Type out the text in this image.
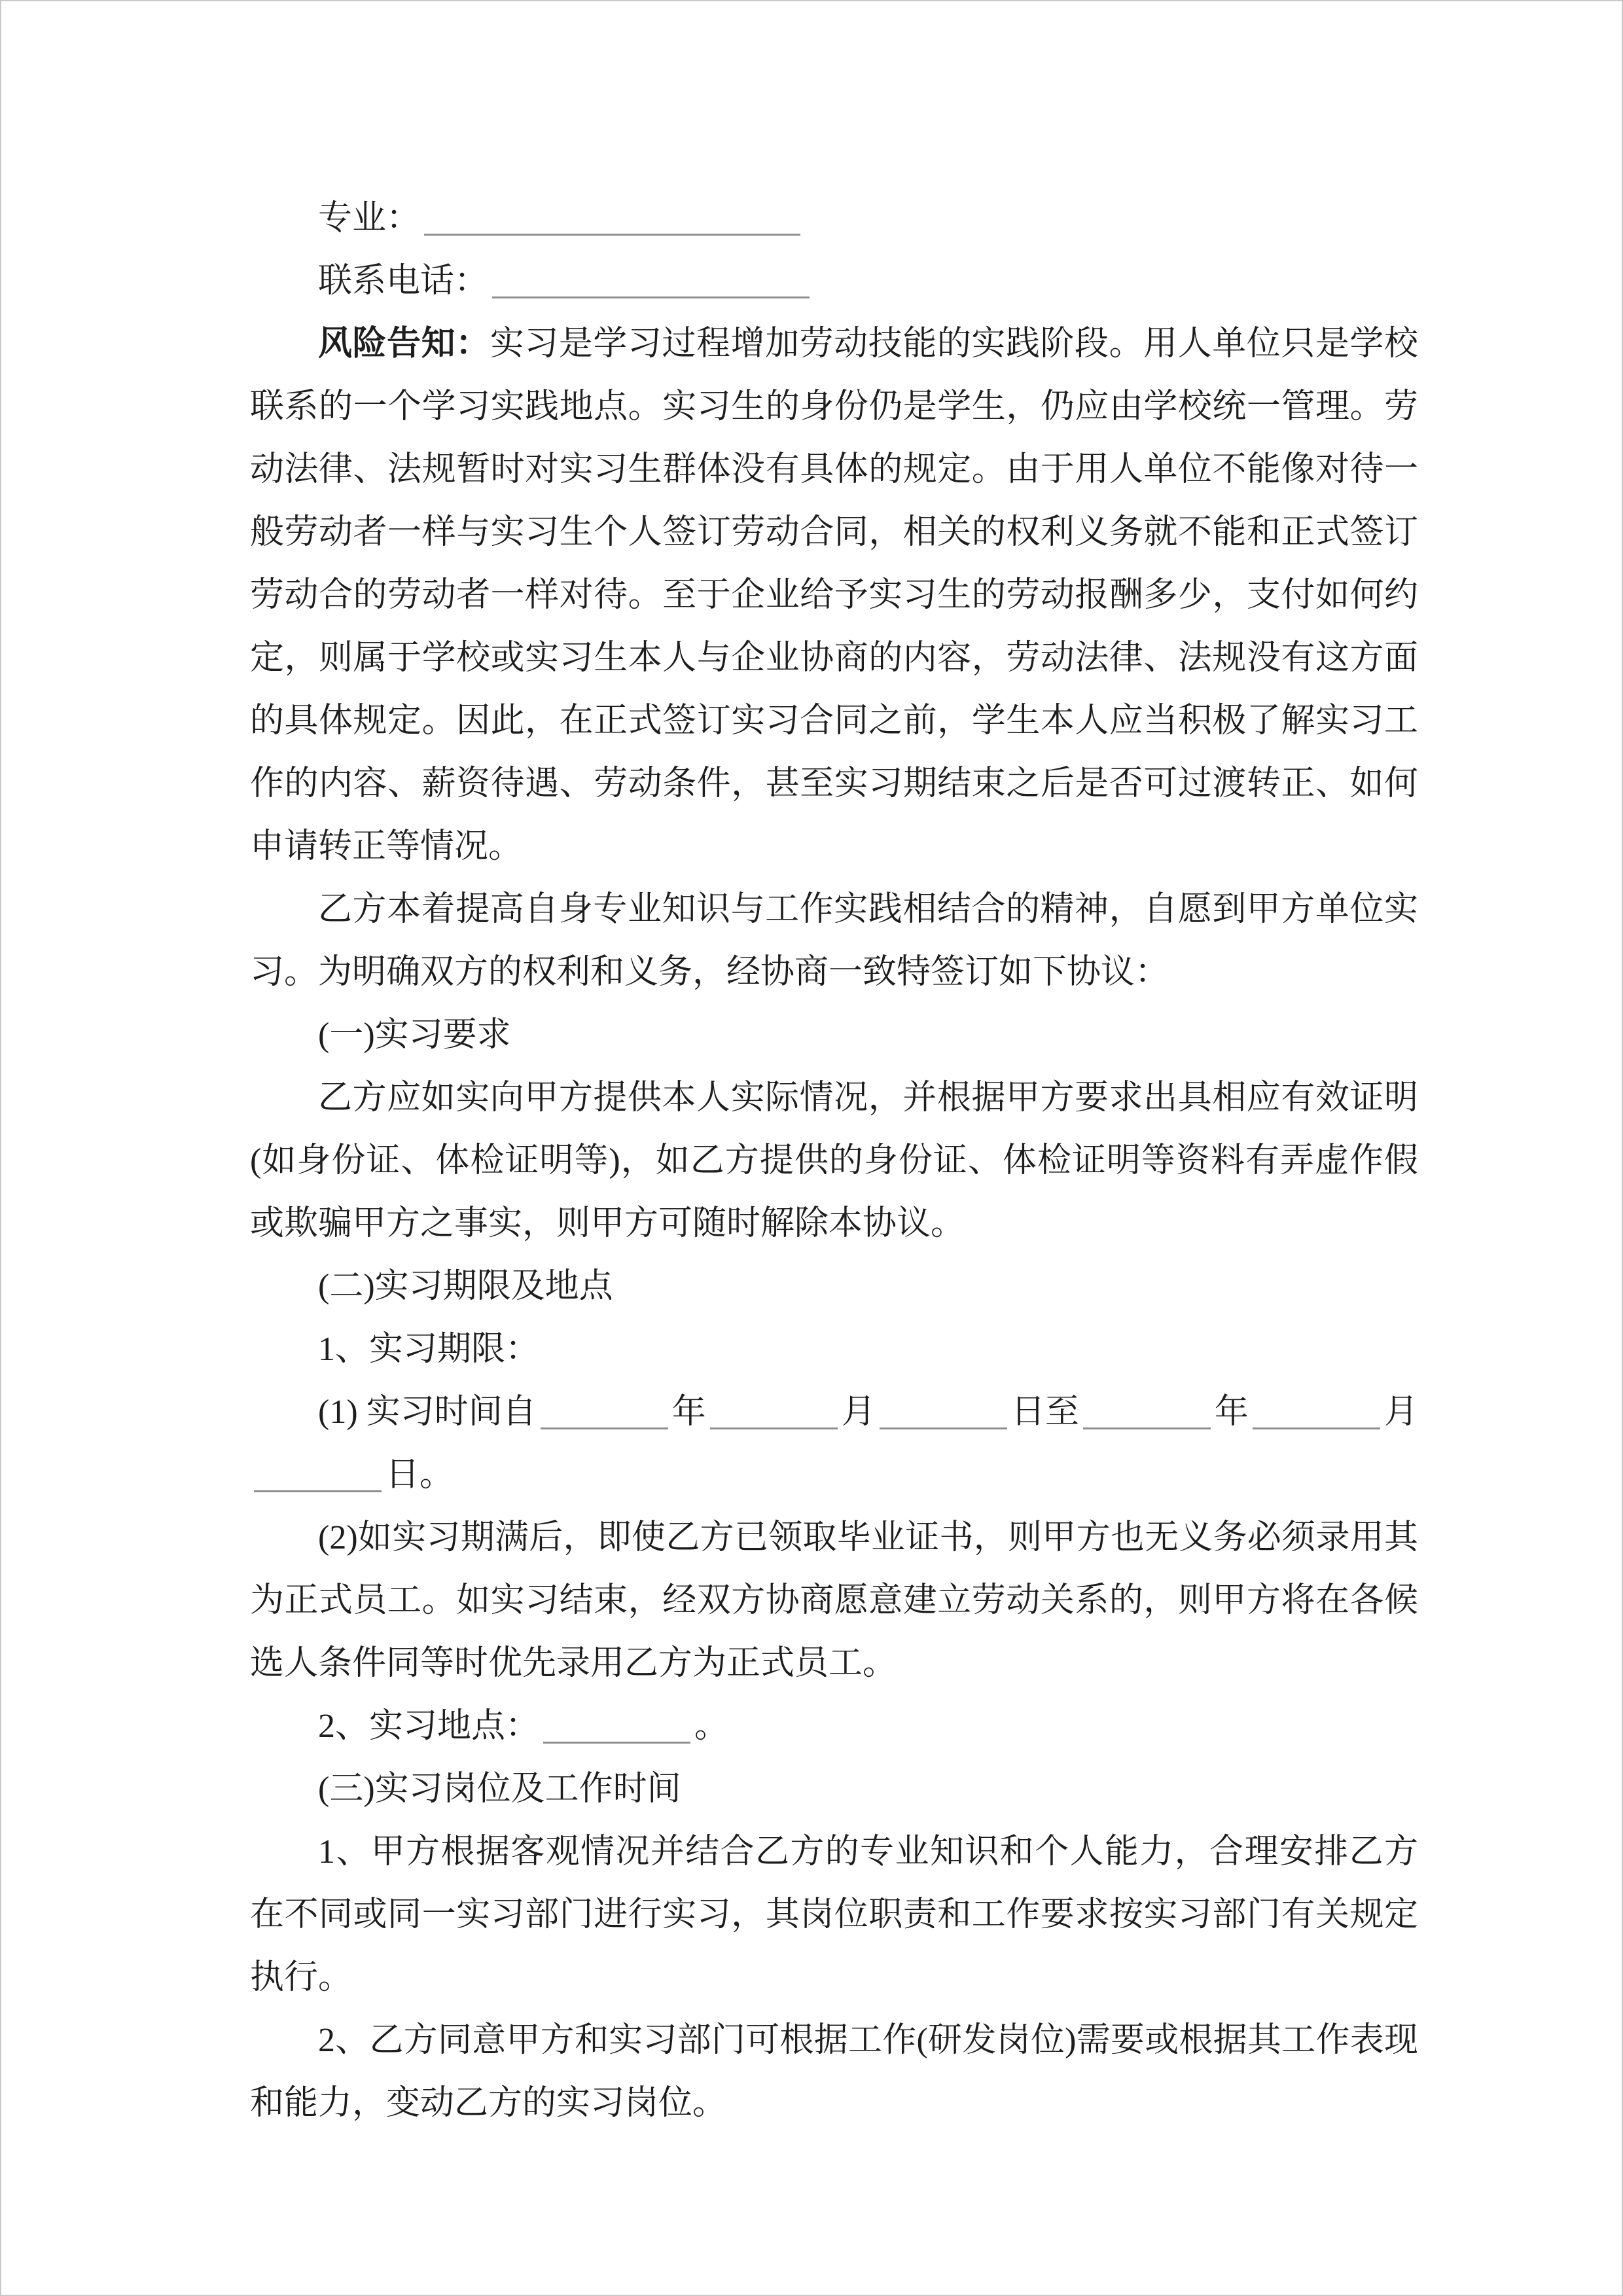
专业：

联系电话：

风险告知：实习是学习过程增加劳动技能的实践阶段。用人单位只是学校联系的一个学习实践地点。实习生的身份仍是学生，仍应由学校统一管理。劳动法律、法规暂时对实习生群体没有具体的规定。由于用人单位不能像对待一般劳动者一样与实习生个人签订劳动合同，相关的权利义务就不能和正式签订劳动合的劳动者一样对待。至于企业给予实习生的劳动报酬多少，支付如何约定，则属于学校或实习生本人与企业协商的内容，劳动法律、法规没有这方面的具体规定。因此，在正式签订实习合同之前，学生本人应当积极了解实习工作的内容、薪资待遇、劳动条件，甚至实习期结束之后是否可过渡转正、如何申请转正等情况。

乙方本着提高自身专业知识与工作实践相结合的精神，自愿到甲方单位实习。为明确双方的权利和义务，经协商一致特签订如下协议：

(一)实习要求

乙方应如实向甲方提供本人实际情况，并根据甲方要求出具相应有效证明(如身份证、体检证明等)，如乙方提供的身份证、体检证明等资料有弄虚作假或欺骗甲方之事实，则甲方可随时解除本协议。

(二)实习期限及地点

1、实习期限：

(1) 实习时间自	年	月	日至	年	月日。

(2)如实习期满后，即使乙方已领取毕业证书，则甲方也无义务必须录用其为正式员工。如实习结束，经双方协商愿意建立劳动关系的，则甲方将在各候选人条件同等时优先录用乙方为正式员工。

2、实习地点：	。

(三)实习岗位及工作时间

1、甲方根据客观情况并结合乙方的专业知识和个人能力，合理安排乙方在不同或同一实习部门进行实习，其岗位职责和工作要求按实习部门有关规定执行。

2、乙方同意甲方和实习部门可根据工作(研发岗位)需要或根据其工作表现和能力，变动乙方的实习岗位。
